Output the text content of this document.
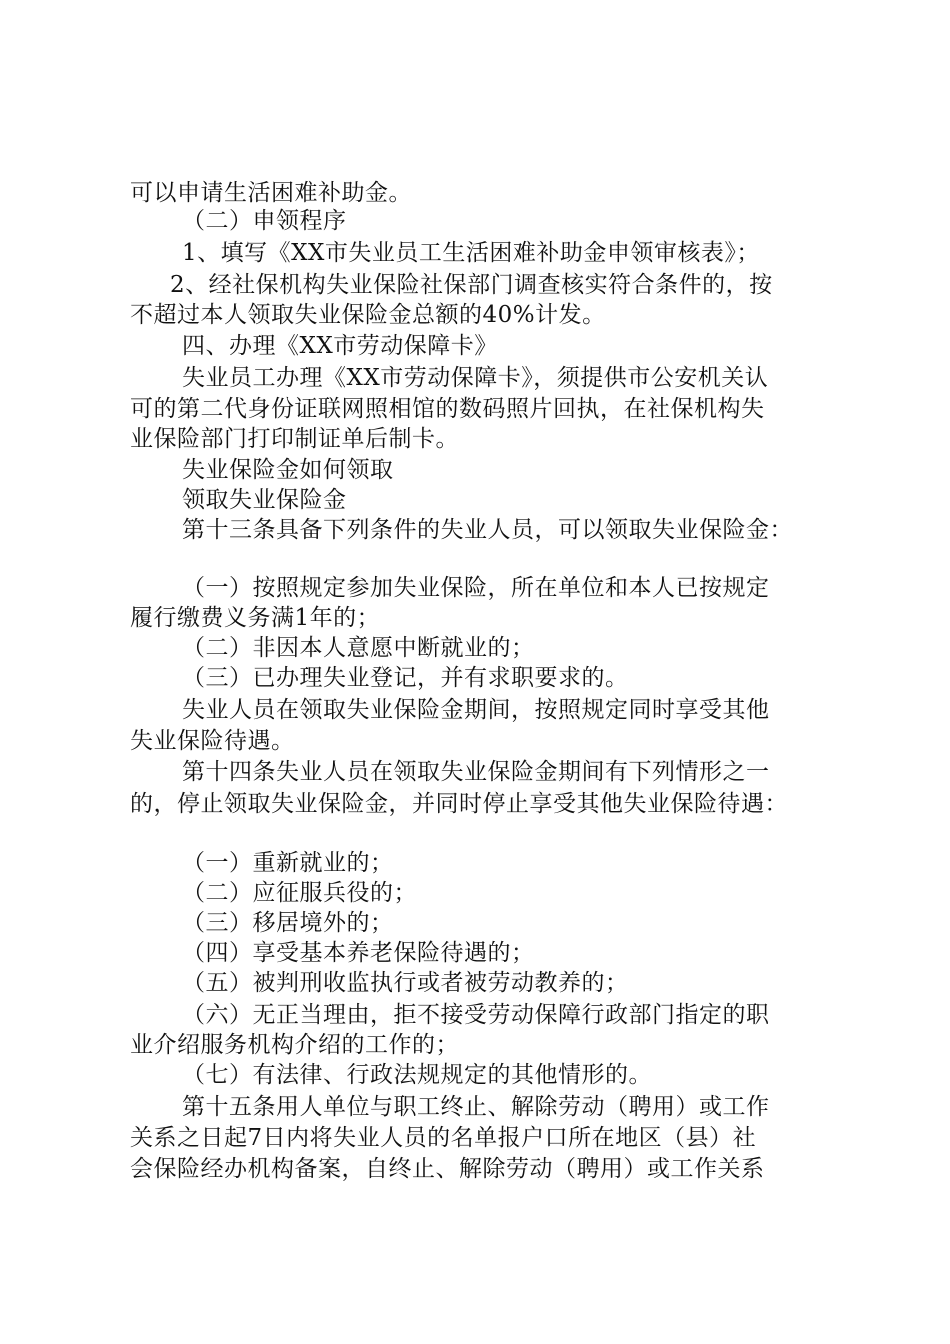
可以申请生活困难补助金。
（二）申领程序
1、填写《XX市失业员工生活困难补助金申领审核表》；
2、经社保机构失业保险社保部门调查核实符合条件的，按
不超过本人领取失业保险金总额的40%计发。
四、办理《XX市劳动保障卡》
失业员工办理《XX市劳动保障卡》，须提供市公安机关认
可的第二代身份证联网照相馆的数码照片回执，在社保机构失
业保险部门打印制证单后制卡。
失业保险金如何领取
领取失业保险金
第十三条具备下列条件的失业人员，可以领取失业保险金：
（一）按照规定参加失业保险，所在单位和本人已按规定
履行缴费义务满1年的；
（二）非因本人意愿中断就业的；
（三）已办理失业登记，并有求职要求的。
失业人员在领取失业保险金期间，按照规定同时享受其他
失业保险待遇。
第十四条失业人员在领取失业保险金期间有下列情形之一
的，停止领取失业保险金，并同时停止享受其他失业保险待遇：
（一）重新就业的；
（二）应征服兵役的；
（三）移居境外的；
（四）享受基本养老保险待遇的；
（五）被判刑收监执行或者被劳动教养的；
（六）无正当理由，拒不接受劳动保障行政部门指定的职
业介绍服务机构介绍的工作的；
（七）有法律、行政法规规定的其他情形的。
第十五条用人单位与职工终止、解除劳动（聘用）或工作
关系之日起7日内将失业人员的名单报户口所在地区（县）社
会保险经办机构备案，自终止、解除劳动（聘用）或工作关系
